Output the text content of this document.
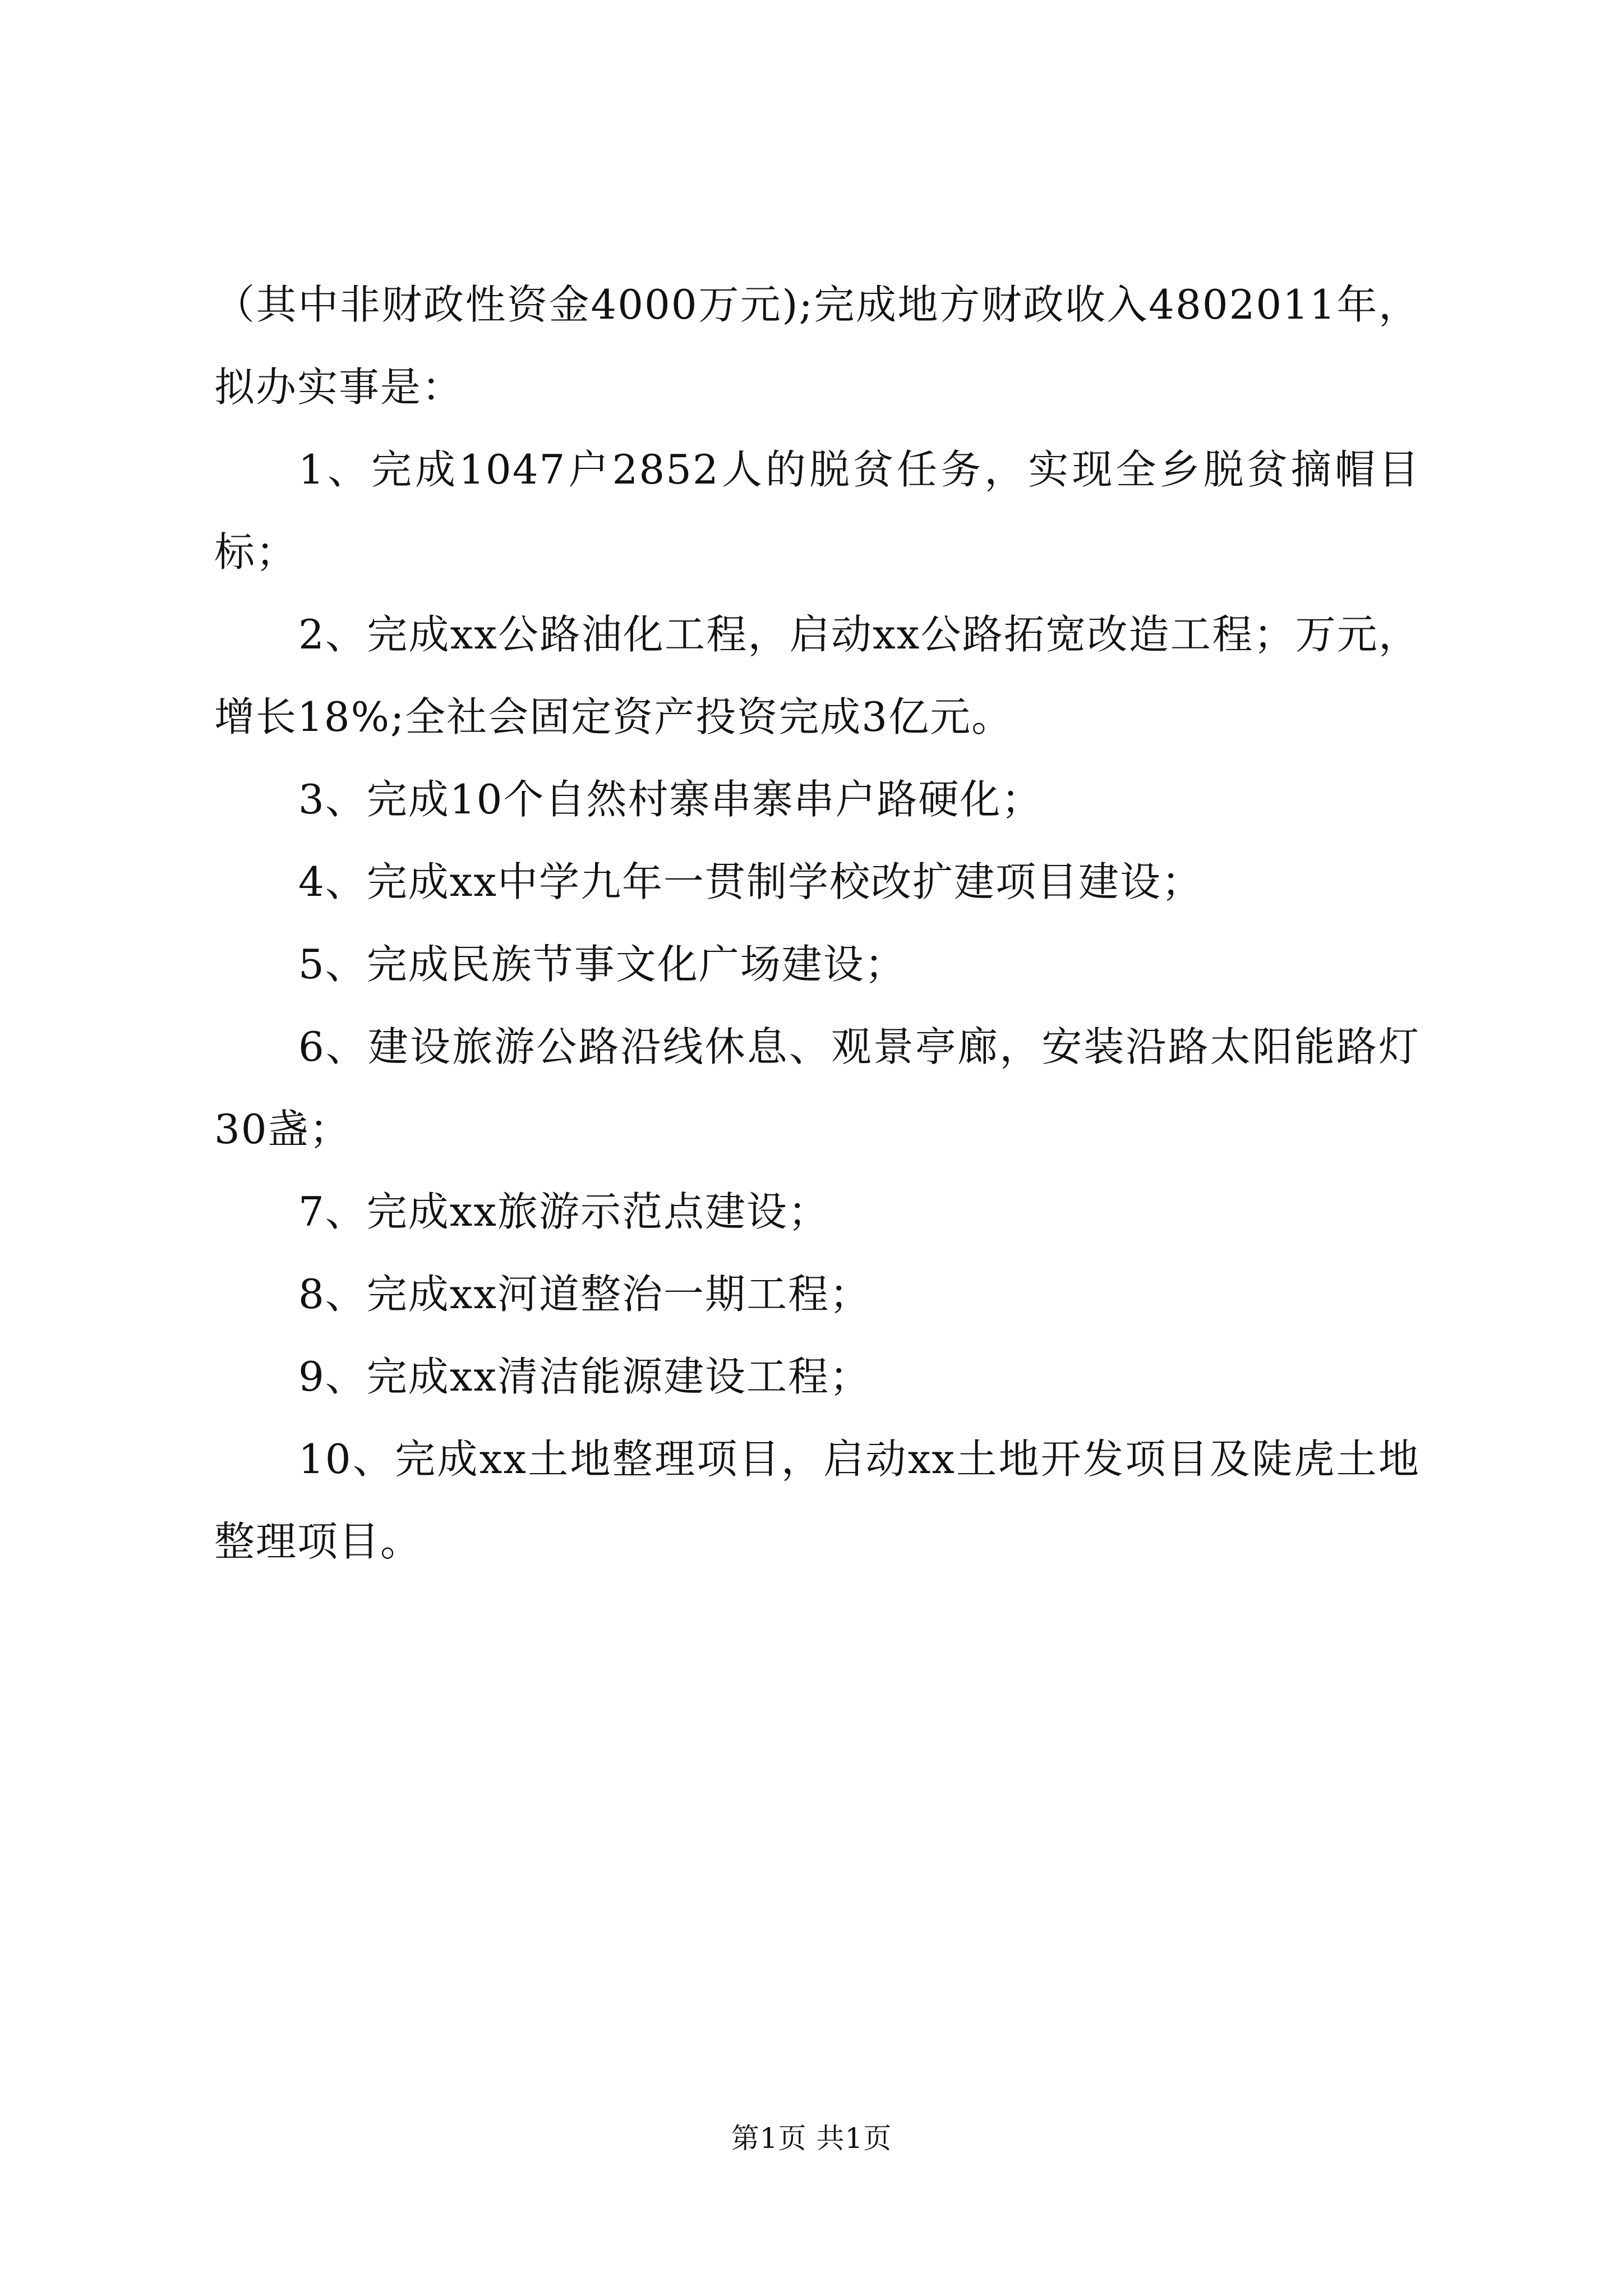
（其中非财政性资金4000万元);完成地方财政收入4802011年，拟办实事是：

1、完成1047户2852人的脱贫任务，实现全乡脱贫摘帽目标；

2、完成xx公路油化工程，启动xx公路拓宽改造工程；万元，增长18%;全社会固定资产投资完成3亿元。

3、完成10个自然村寨串寨串户路硬化；

4、完成xx中学九年一贯制学校改扩建项目建设；

5、完成民族节事文化广场建设；

6、建设旅游公路沿线休息、观景亭廊，安装沿路太阳能路灯30盏；

7、完成xx旅游示范点建设；

8、完成xx河道整治一期工程；

9、完成xx清洁能源建设工程；

10、完成xx土地整理项目，启动xx土地开发项目及陡虎土地整理项目。

第1页 共1页
